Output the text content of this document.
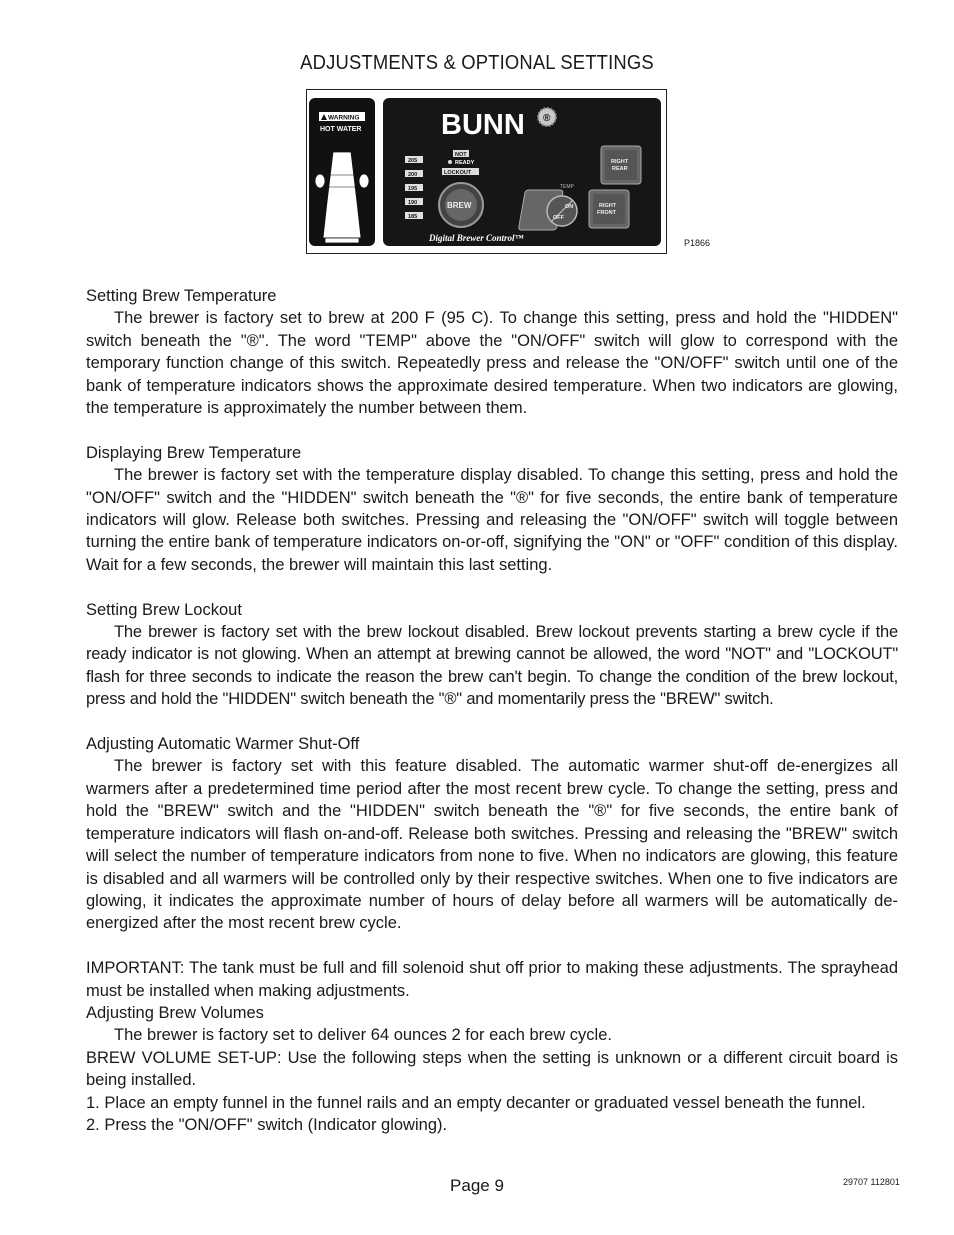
ADJUSTMENTS & OPTIONAL SETTINGS
WARNING
HOT WATER	BUNN ®
NOT
READY
LOCKOUT
205
200
195
190
185
BREW
TEMP
ON
OFF
RIGHT
FRONT
RIGHT
REAR
Digital Brewer Control™	P1866

Setting Brew Temperature

The brewer is factory set to brew at 200 F (95 C). To change this setting, press and hold the "HIDDEN" switch beneath the "®". The word "TEMP" above the "ON/OFF" switch will glow to correspond with the temporary function change of this switch. Repeatedly press and release the "ON/OFF" switch until one of the bank of temperature indicators shows the approximate desired temperature. When two indicators are glowing, the temperature is approximately the number between them.

Displaying Brew Temperature

The brewer is factory set with the temperature display disabled. To change this setting, press and hold the "ON/OFF" switch and the "HIDDEN" switch beneath the "®" for five seconds, the entire bank of temperature indicators will glow. Release both switches. Pressing and releasing the "ON/OFF" switch will toggle between turning the entire bank of temperature indicators on-or-off, signifying the "ON" or "OFF" condition of this display. Wait for a few seconds, the brewer will maintain this last setting.

Setting Brew Lockout

The brewer is factory set with the brew lockout disabled. Brew lockout prevents starting a brew cycle if the ready indicator is not glowing. When an attempt at brewing cannot be allowed, the word "NOT" and "LOCKOUT" flash for three seconds to indicate the reason the brew can't begin. To change the condition of the brew lockout, press and hold the "HIDDEN" switch beneath the "®" and momentarily press the "BREW" switch.

Adjusting Automatic Warmer Shut-Off

The brewer is factory set with this feature disabled. The automatic warmer shut-off de-energizes all warmers after a predetermined time period after the most recent brew cycle. To change the setting, press and hold the "BREW" switch and the "HIDDEN" switch beneath the "®" for five seconds, the entire bank of temperature indicators will flash on-and-off. Release both switches. Pressing and releasing the "BREW" switch will select the number of temperature indicators from none to five. When no indicators are glowing, this feature is disabled and all warmers will be controlled only by their respective switches. When one to five indicators are glowing, it indicates the approximate number of hours of delay before all warmers will be automatically de-energized after the most recent brew cycle.

IMPORTANT: The tank must be full and fill solenoid shut off prior to making these adjustments. The sprayhead must be installed when making adjustments.

Adjusting Brew Volumes

The brewer is factory set to deliver 64 ounces 2 for each brew cycle.

BREW VOLUME SET-UP: Use the following steps when the setting is unknown or a different circuit board is being installed.

1. Place an empty funnel in the funnel rails and an empty decanter or graduated vessel beneath the funnel.

2. Press the "ON/OFF" switch (Indicator glowing).

Page 9	29707 112801
